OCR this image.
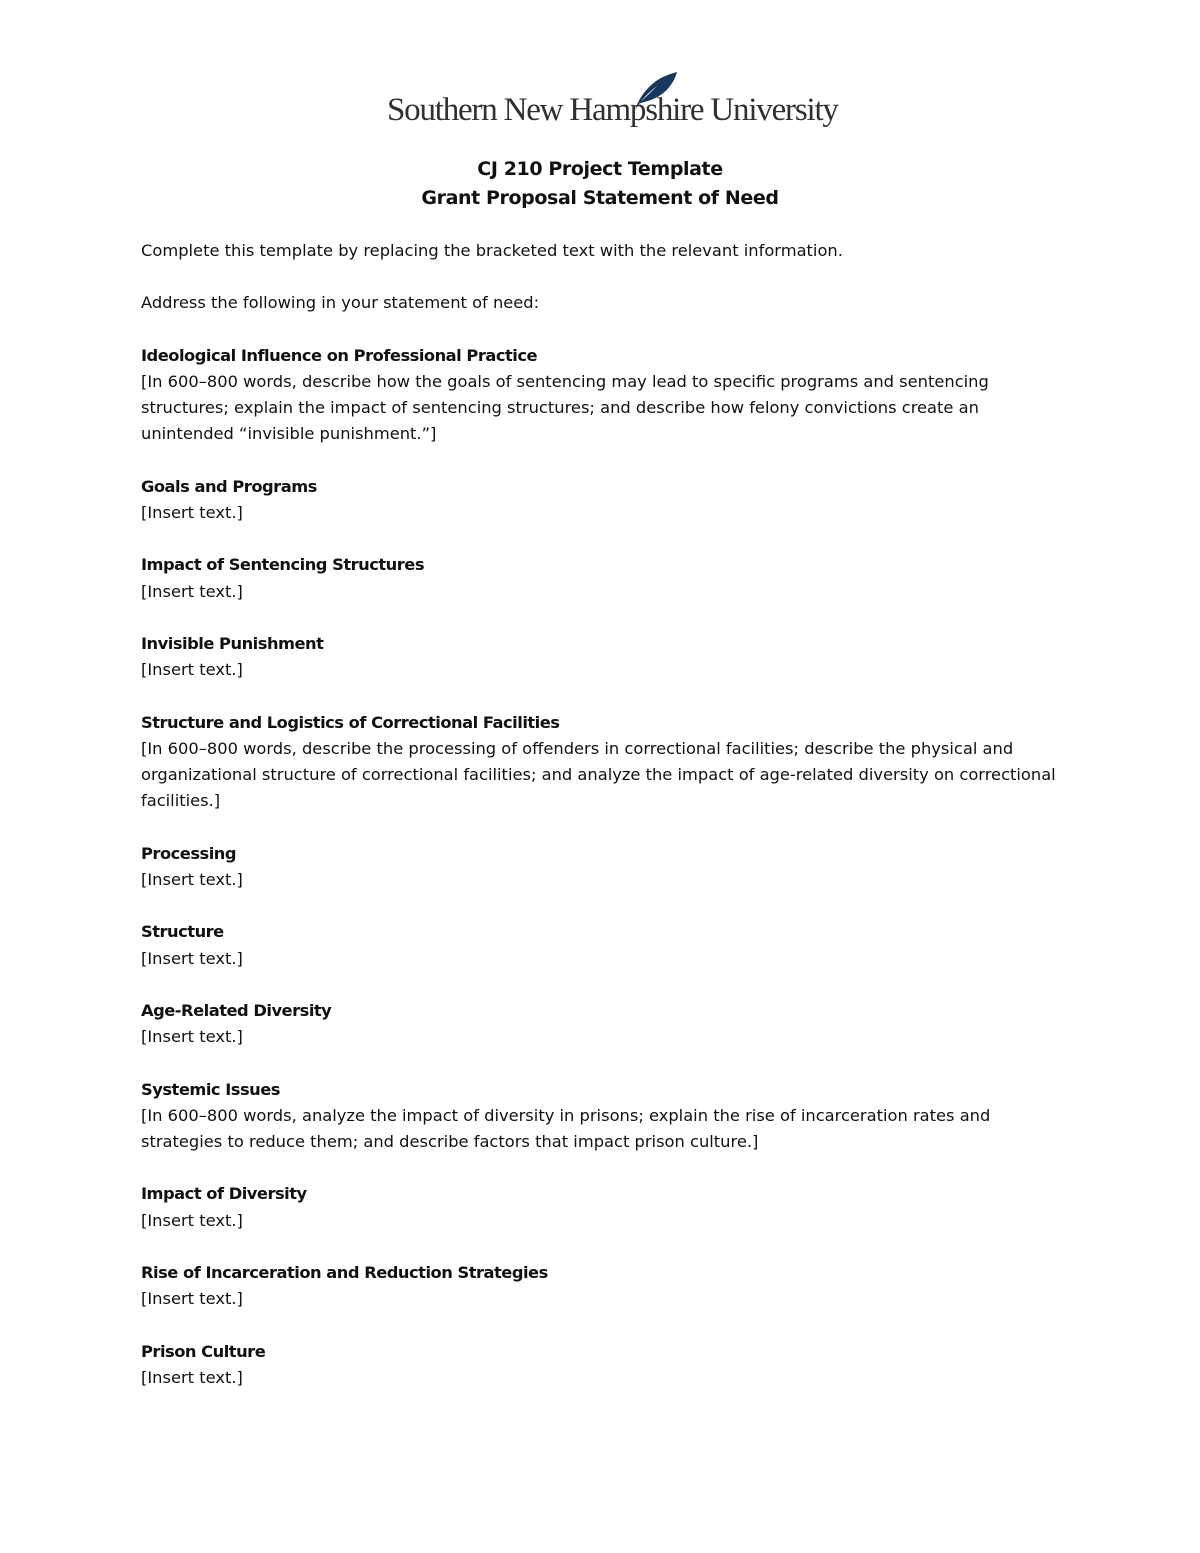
Southern New Hampshire University
CJ 210 Project Template
Grant Proposal Statement of Need

Complete this template by replacing the bracketed text with the relevant information.

Address the following in your statement of need:

Ideological Influence on Professional Practice
[In 600–800 words, describe how the goals of sentencing may lead to specific programs and sentencing structures; explain the impact of sentencing structures; and describe how felony convictions create an unintended “invisible punishment.”]
Goals and Programs
[Insert text.]
Impact of Sentencing Structures
[Insert text.]
Invisible Punishment
[Insert text.]
Structure and Logistics of Correctional Facilities
[In 600–800 words, describe the processing of offenders in correctional facilities; describe the physical and organizational structure of correctional facilities; and analyze the impact of age-related diversity on correctional facilities.]
Processing
[Insert text.]
Structure
[Insert text.]
Age-Related Diversity
[Insert text.]
Systemic Issues
[In 600–800 words, analyze the impact of diversity in prisons; explain the rise of incarceration rates and strategies to reduce them; and describe factors that impact prison culture.]
Impact of Diversity
[Insert text.]
Rise of Incarceration and Reduction Strategies
[Insert text.]
Prison Culture
[Insert text.]
